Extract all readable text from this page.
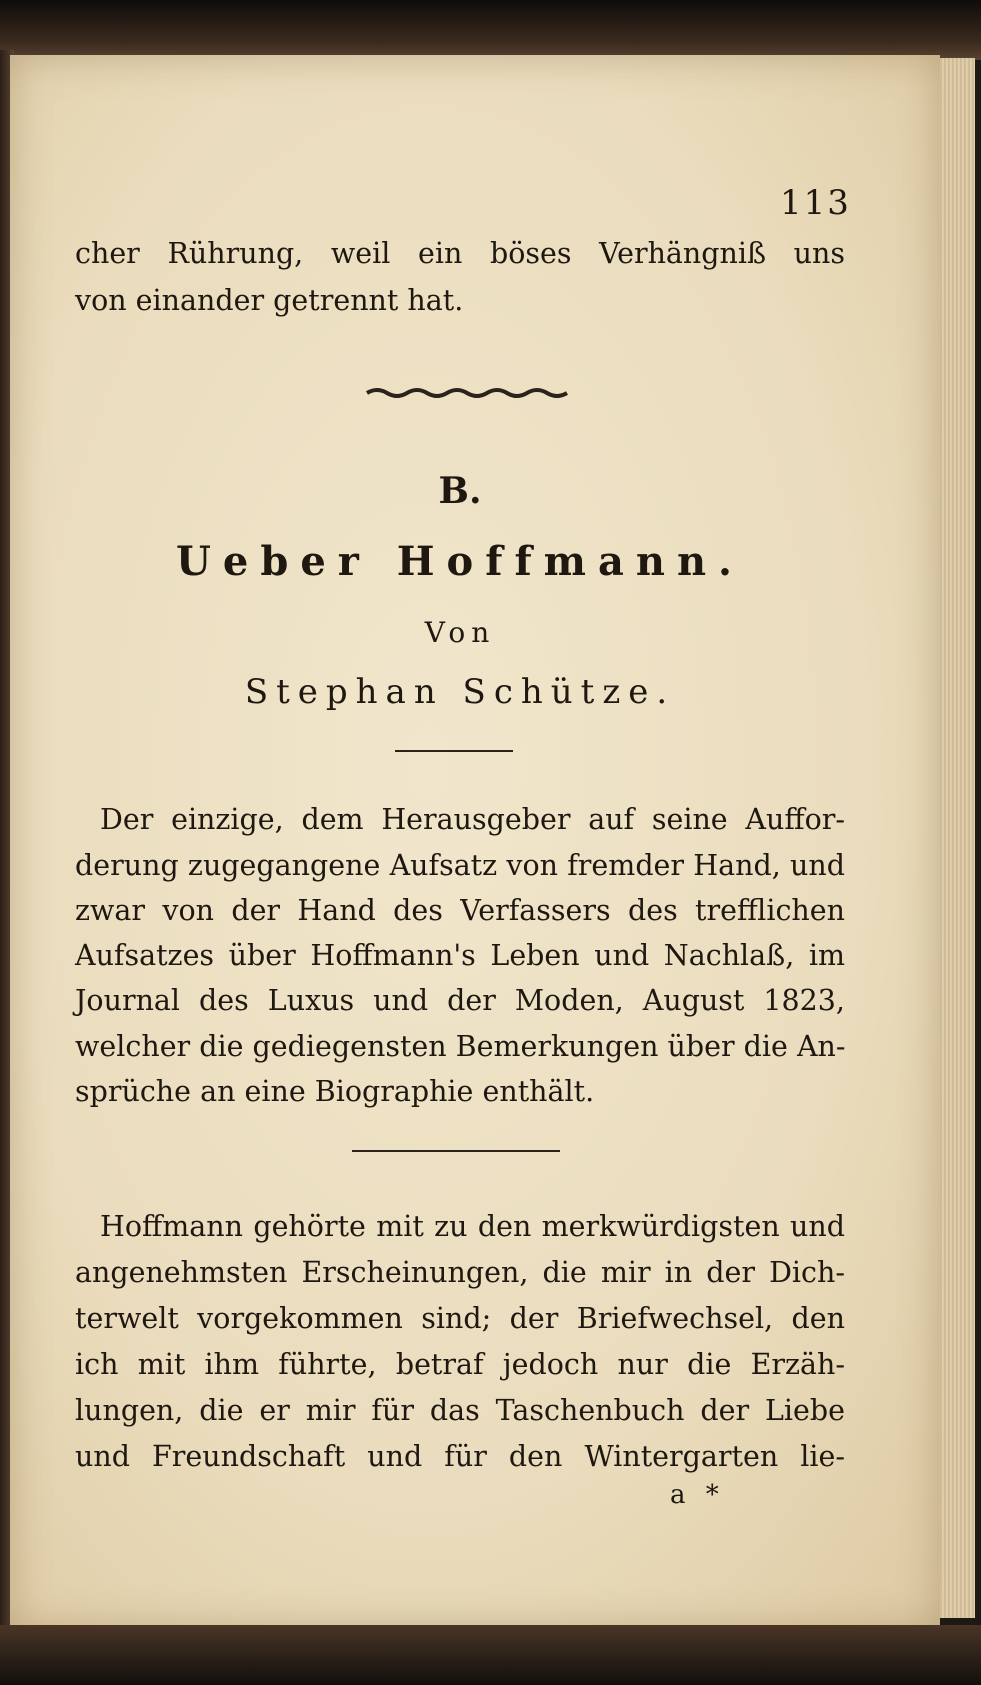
113
cher Rührung, weil ein böses Verhängniß uns
von einander getrennt hat.
B.
Ueber Hoffmann.
Von
Stephan Schütze.
Der einzige, dem Herausgeber auf seine Auffor-
derung zugegangene Aufsatz von fremder Hand, und
zwar von der Hand des Verfassers des trefflichen
Aufsatzes über Hoffmann's Leben und Nachlaß, im
Journal des Luxus und der Moden, August 1823,
welcher die gediegensten Bemerkungen über die An-
sprüche an eine Biographie enthält.
Hoffmann gehörte mit zu den merkwürdigsten und
angenehmsten Erscheinungen, die mir in der Dich-
terwelt vorgekommen sind; der Briefwechsel, den
ich mit ihm führte, betraf jedoch nur die Erzäh-
lungen, die er mir für das Taschenbuch der Liebe
und Freundschaft und für den Wintergarten lie-
a *
